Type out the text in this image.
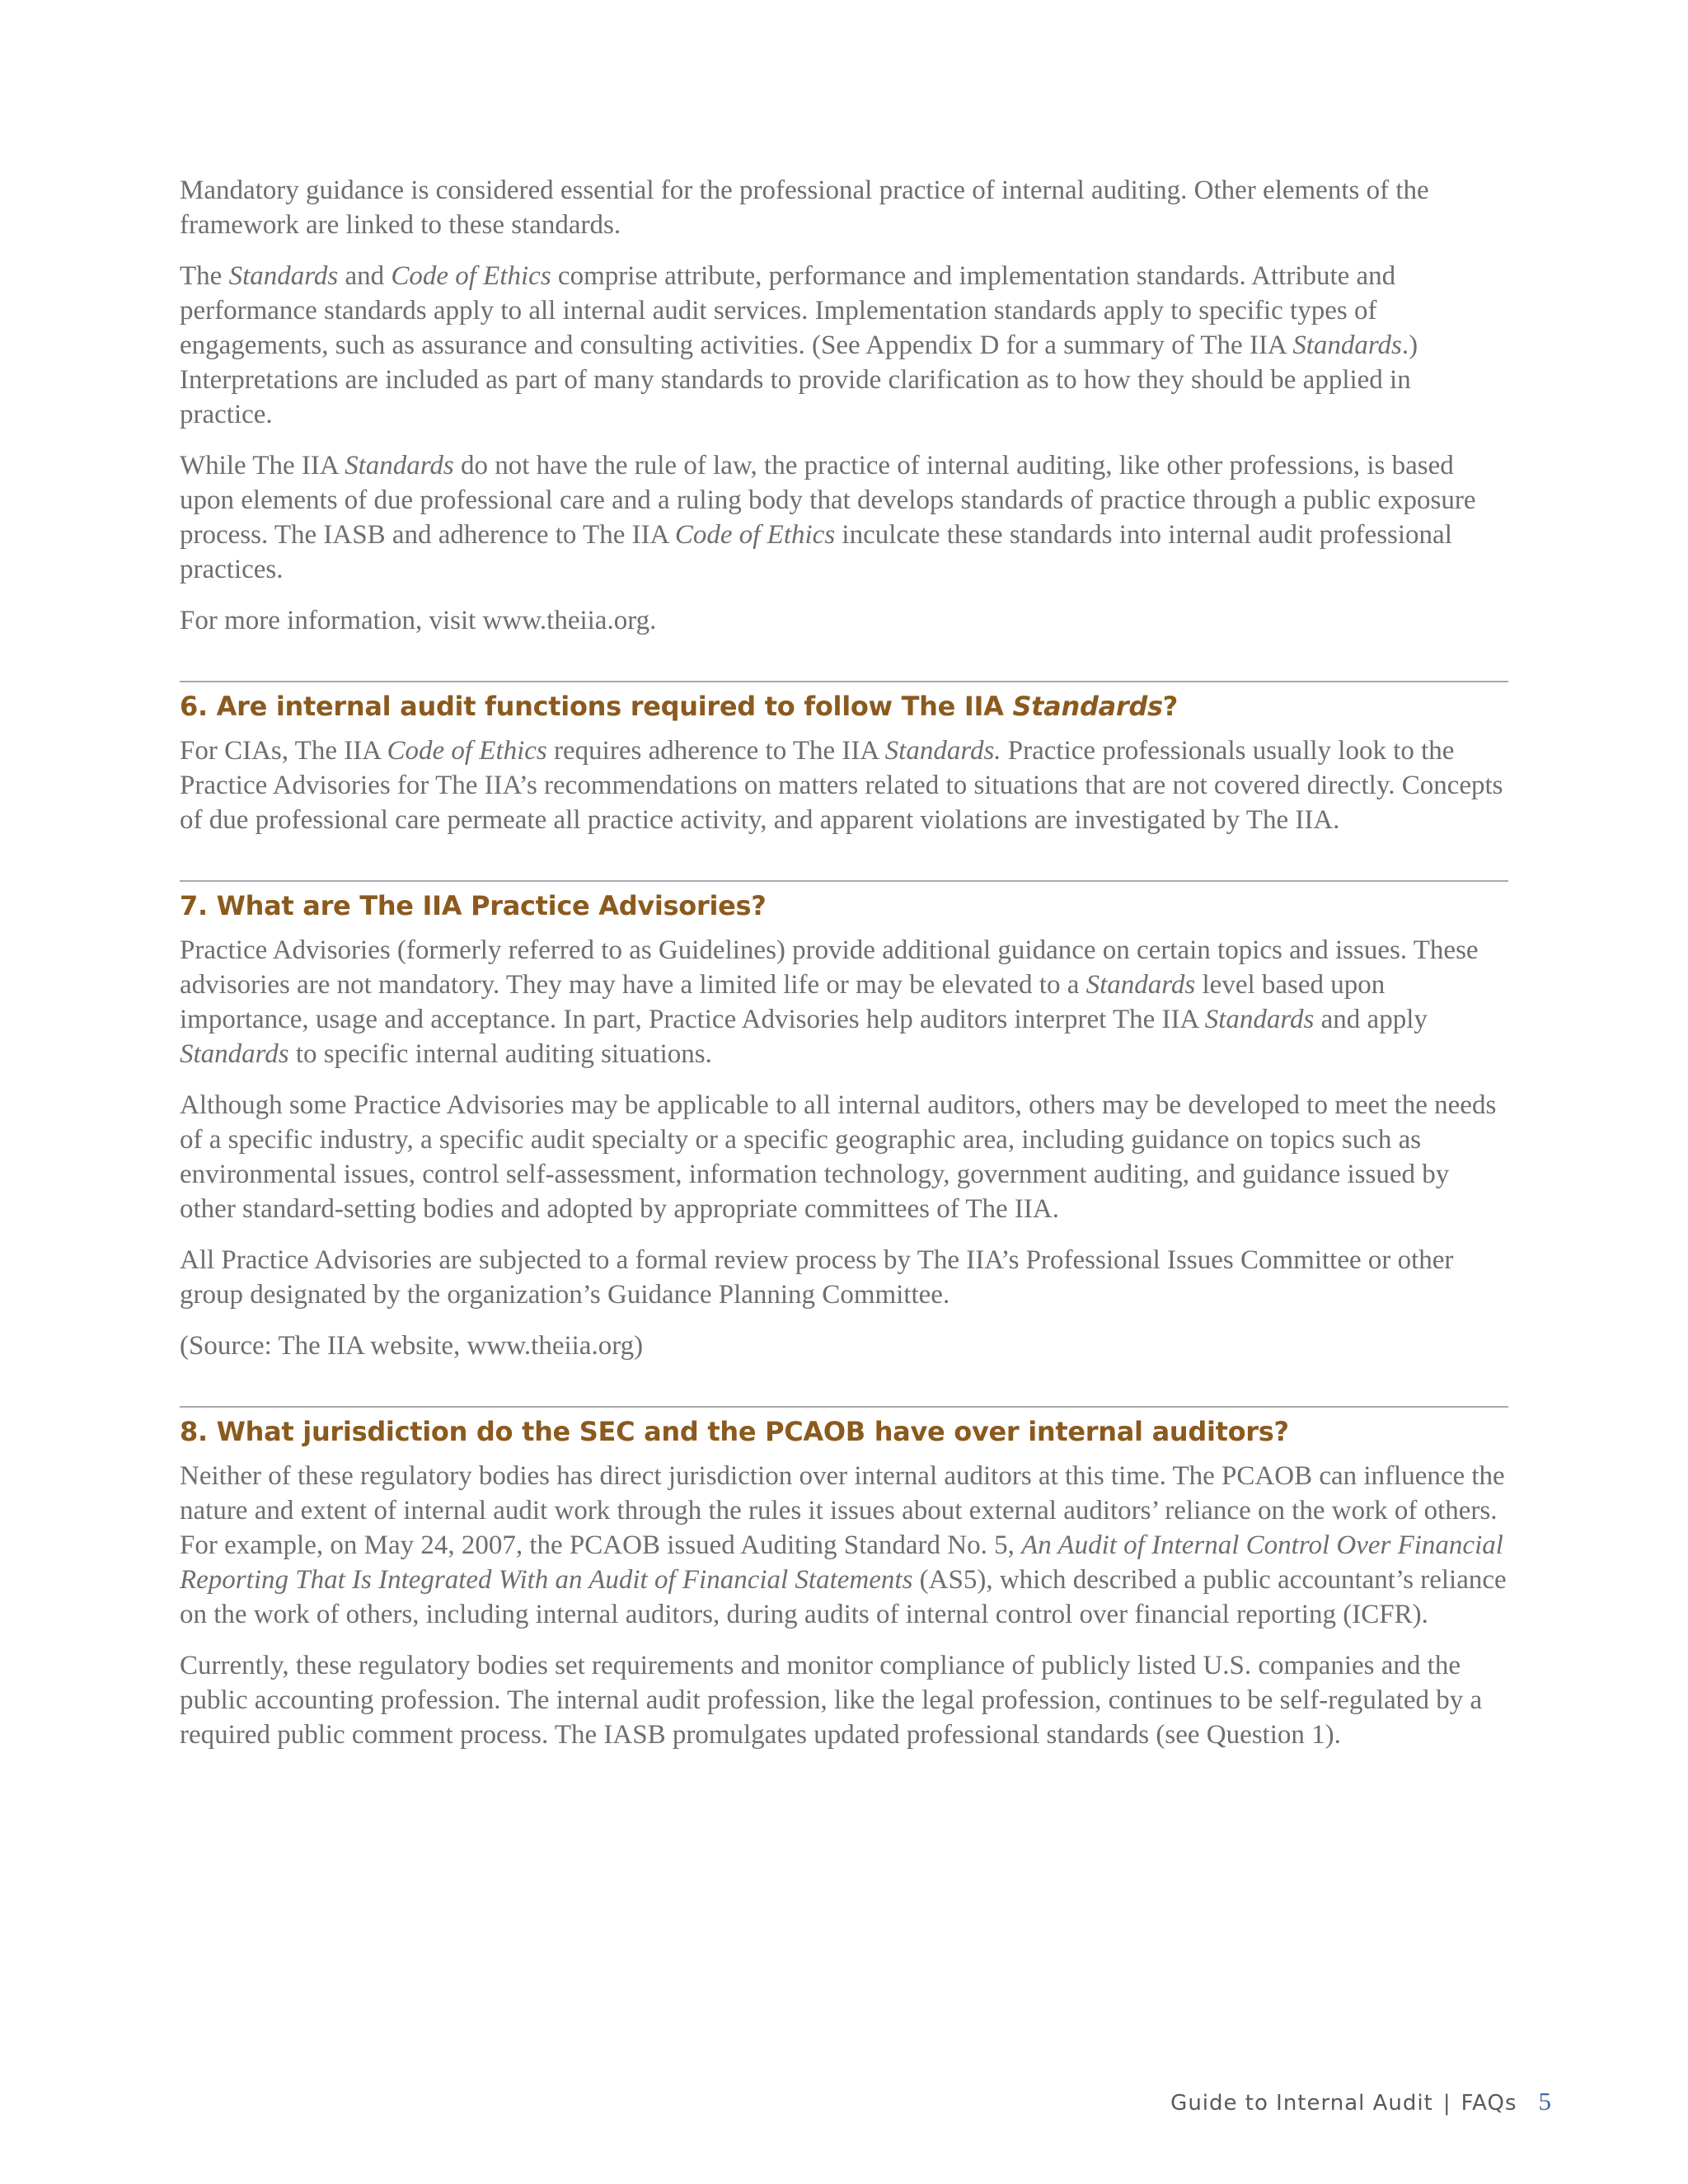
Mandatory guidance is considered essential for the professional practice of internal auditing. Other elements of the framework are linked to these standards.

The Standards and Code of Ethics comprise attribute, performance and implementation standards. Attribute and performance standards apply to all internal audit services. Implementation standards apply to specific types of engagements, such as assurance and consulting activities. (See Appendix D for a summary of The IIA Standards.) Interpretations are included as part of many standards to provide clarification as to how they should be applied in practice.

While The IIA Standards do not have the rule of law, the practice of internal auditing, like other professions, is based upon elements of due professional care and a ruling body that develops standards of practice through a public exposure process. The IASB and adherence to The IIA Code of Ethics inculcate these standards into internal audit professional practices.

For more information, visit www.theiia.org.

6. Are internal audit functions required to follow The IIA Standards?

For CIAs, The IIA Code of Ethics requires adherence to The IIA Standards. Practice professionals usually look to the Practice Advisories for The IIA’s recommendations on matters related to situations that are not covered directly. Concepts of due professional care permeate all practice activity, and apparent violations are investigated by The IIA.

7. What are The IIA Practice Advisories?

Practice Advisories (formerly referred to as Guidelines) provide additional guidance on certain topics and issues. These advisories are not mandatory. They may have a limited life or may be elevated to a Standards level based upon importance, usage and acceptance. In part, Practice Advisories help auditors interpret The IIA Standards and apply Standards to specific internal auditing situations.

Although some Practice Advisories may be applicable to all internal auditors, others may be developed to meet the needs of a specific industry, a specific audit specialty or a specific geographic area, including guidance on topics such as environmental issues, control self-assessment, information technology, government auditing, and guidance issued by other standard-setting bodies and adopted by appropriate committees of The IIA.

All Practice Advisories are subjected to a formal review process by The IIA’s Professional Issues Committee or other group designated by the organization’s Guidance Planning Committee.

(Source: The IIA website, www.theiia.org)

8. What jurisdiction do the SEC and the PCAOB have over internal auditors?

Neither of these regulatory bodies has direct jurisdiction over internal auditors at this time. The PCAOB can influence the nature and extent of internal audit work through the rules it issues about external auditors’ reliance on the work of others. For example, on May 24, 2007, the PCAOB issued Auditing Standard No. 5, An Audit of Internal Control Over Financial Reporting That Is Integrated With an Audit of Financial Statements (AS5), which described a public accountant’s reliance on the work of others, including internal auditors, during audits of internal control over financial reporting (ICFR).

Currently, these regulatory bodies set requirements and monitor compliance of publicly listed U.S. companies and the public accounting profession. The internal audit profession, like the legal profession, continues to be self-regulated by a required public comment process. The IASB promulgates updated professional standards (see Question 1).

Guide to Internal Audit | FAQs 5
